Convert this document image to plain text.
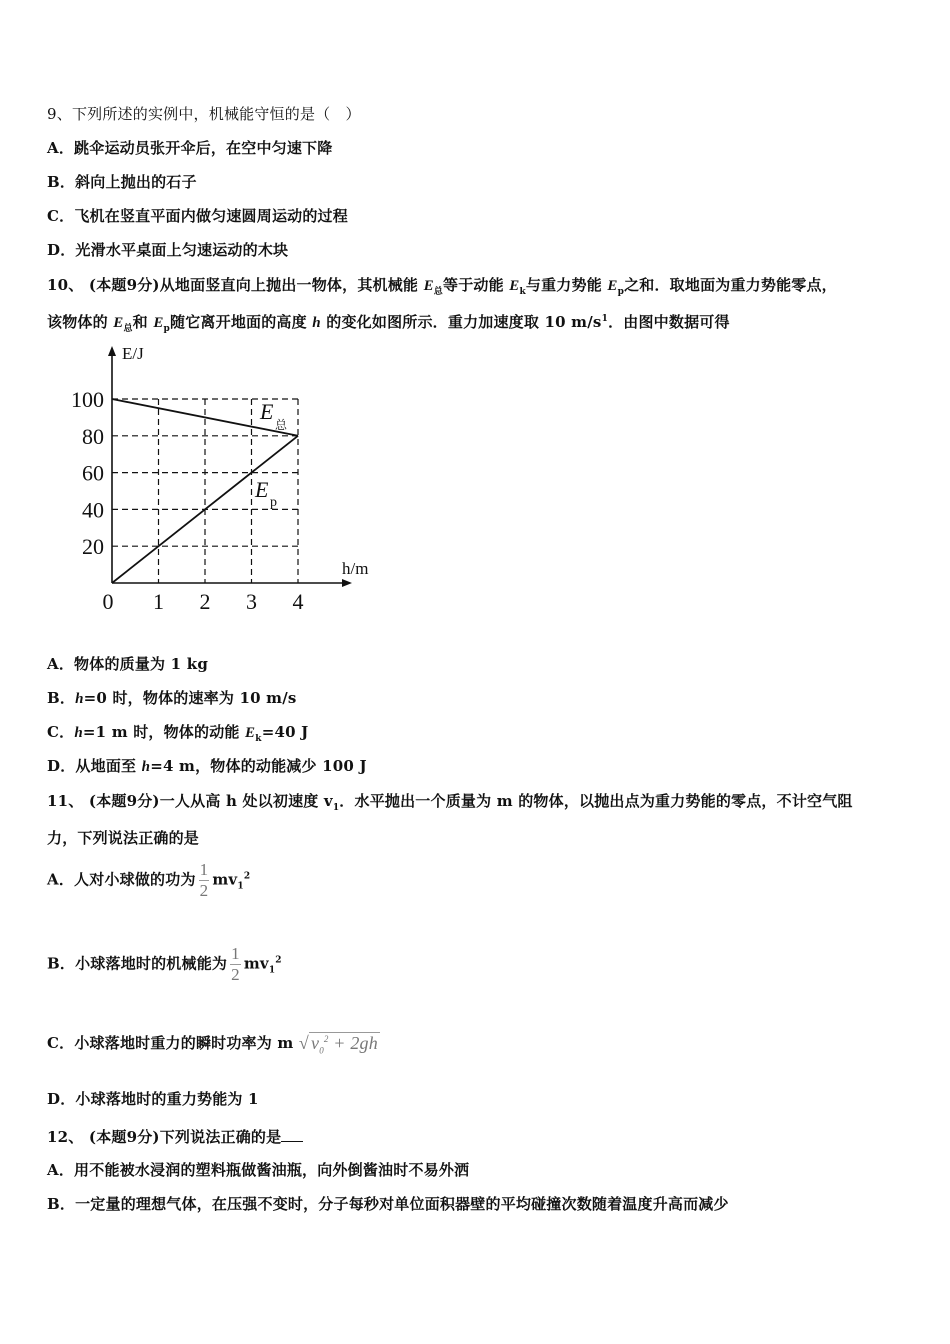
9、下列所述的实例中，机械能守恒的是（　）
A．跳伞运动员张开伞后，在空中匀速下降
B．斜向上抛出的石子
C．飞机在竖直平面内做匀速圆周运动的过程
D．光滑水平桌面上匀速运动的木块
10、 (本题9分)从地面竖直向上抛出一物体，其机械能 $E_总$等于动能 $E_k$与重力势能 $E_p$之和．取地面为重力势能零点，
该物体的 $E_总$和 $E_p$随它离开地面的高度 h 的变化如图所示．重力加速度取 10 $m/s^1$．由图中数据可得
20
40
60
80
100
0 1 2 3 4
E/J
h/m
E
总
E
p
A．物体的质量为 1 kg
B．h=0 时，物体的速率为 10 m/s
C．h=1 m 时，物体的动能 $E_k=40$ J
D．从地面至 h=4 m，物体的动能减少 100 J
11、 (本题9分)一人从高 h 处以初速度 $v_1$．水平抛出一个质量为 m 的物体，以抛出点为重力势能的零点，不计空气阻
力，下列说法正确的是
A．人对小球做的功为 $\frac{1}{2} mv_1^2$
B．小球落地时的机械能为 $\frac{1}{2} mv_1^2$
C．小球落地时重力的瞬时功率为 m √ $v_0^2 + 2gh$
D．小球落地时的重力势能为 1
12、 (本题9分)下列说法正确的是
A．用不能被水浸润的塑料瓶做酱油瓶，向外倒酱油时不易外洒
B．一定量的理想气体，在压强不变时，分子每秒对单位面积器壁的平均碰撞次数随着温度升高而减少
